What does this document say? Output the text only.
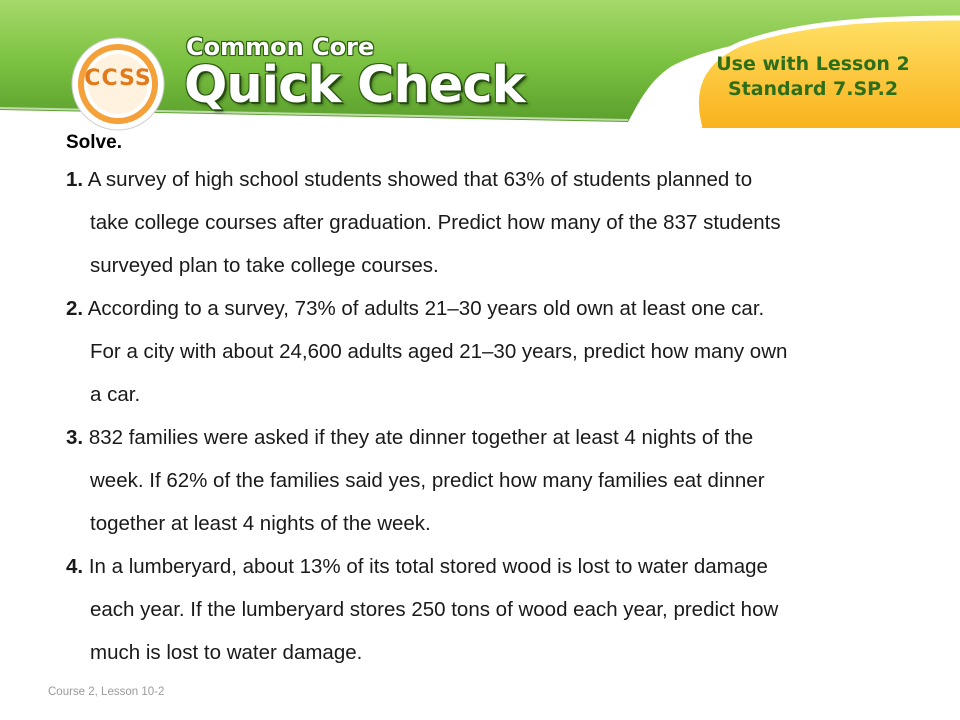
CCSS
Common Core
Quick Check	Use with Lesson 2
Standard 7.SP.2
Solve.
1. A survey of high school students showed that 63% of students planned to
take college courses after graduation. Predict how many of the 837 students
surveyed plan to take college courses.
2. According to a survey, 73% of adults 21–30 years old own at least one car.
For a city with about 24,600 adults aged 21–30 years, predict how many own
a car.
3. 832 families were asked if they ate dinner together at least 4 nights of the
week. If 62% of the families said yes, predict how many families eat dinner
together at least 4 nights of the week.
4. In a lumberyard, about 13% of its total stored wood is lost to water damage
each year. If the lumberyard stores 250 tons of wood each year, predict how
much is lost to water damage.
Course 2, Lesson 10-2
